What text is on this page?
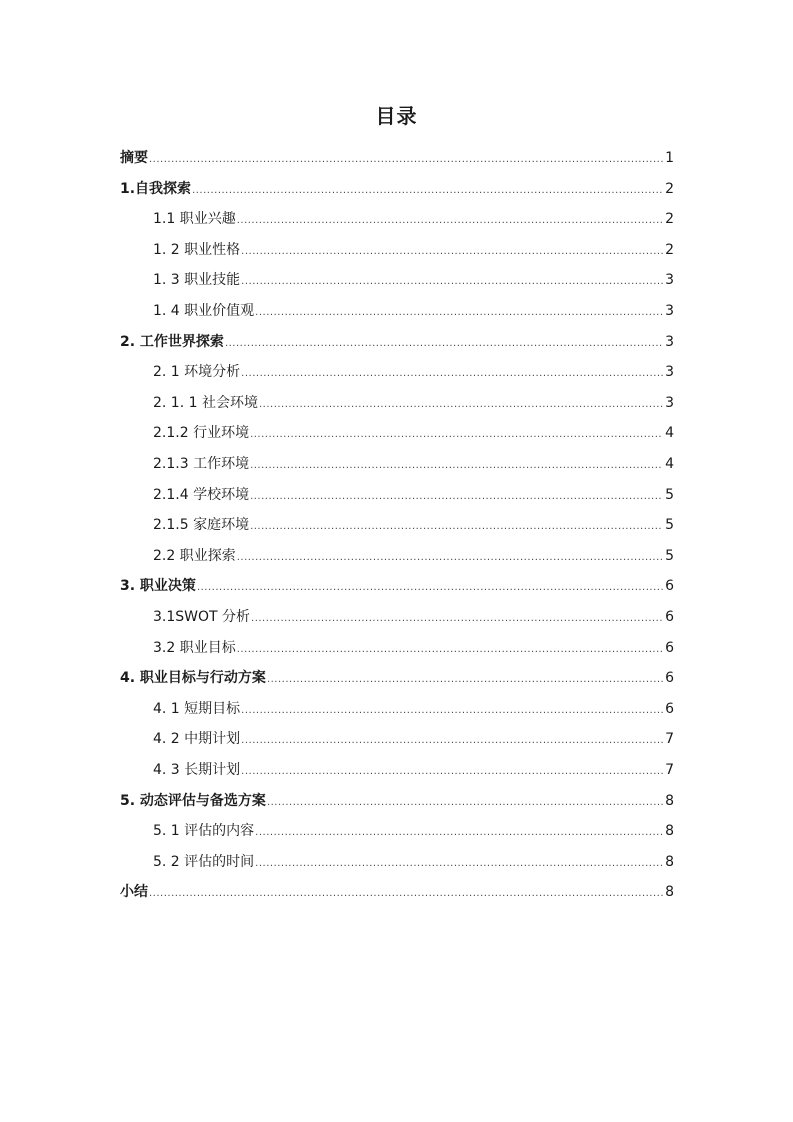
目录
摘要 .....	1
1.自我探索 .....	2
1.1 职业兴趣 .....	2
1. 2 职业性格 .....	2
1. 3 职业技能 .....	3
1. 4 职业价值观 .....	3
2. 工作世界探索 .....	3
2. 1 环境分析 .....	3
2. 1. 1 社会环境 .....	3
2.1.2 行业环境 .....	4
2.1.3 工作环境 .....	4
2.1.4 学校环境 .....	5
2.1.5 家庭环境 .....	5
2.2 职业探索 .....	5
3. 职业决策 .....	6
3.1SWOT 分析 .....	6
3.2 职业目标 .....	6
4. 职业目标与行动方案 .....	6
4. 1 短期目标 .....	6
4. 2 中期计划 .....	7
4. 3 长期计划 .....	7
5. 动态评估与备选方案 .....	8
5. 1 评估的内容 .....	8
5. 2 评估的时间 .....	8
小结 .....	8
